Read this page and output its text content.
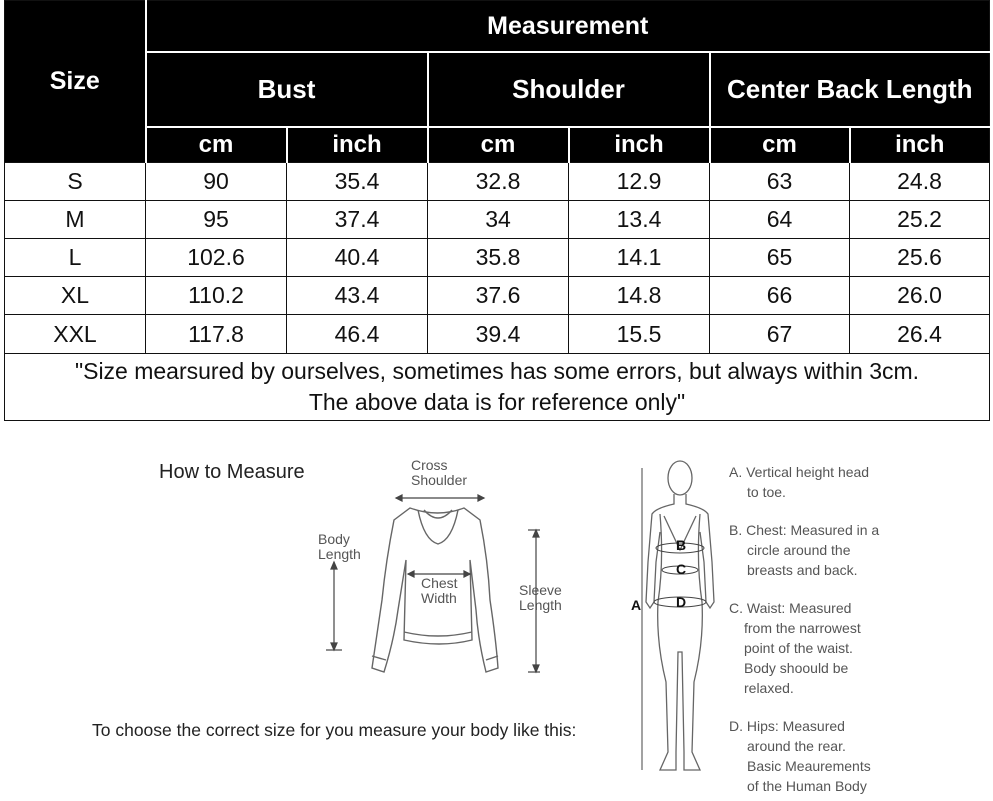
Size	Measurement					
	Bust		Shoulder		Center Back Length	
	cm	inch	cm	inch	cm	inch
S	90	35.4	32.8	12.9	63	24.8
M	95	37.4	34	13.4	64	25.2
L	102.6	40.4	35.8	14.1	65	25.6
XL	110.2	43.4	37.6	14.8	66	26.0
XXL	117.8	46.4	39.4	15.5	67	26.4
"Size mearsured by ourselves, sometimes has some errors, but always within 3cm.
The above data is for reference only"						
How to Measure
To choose the correct size for you measure your body like this:
Cross
Shoulder
Body
Length
Chest
Width	Sleeve
Length
B
C
D
A
A. Vertical height head
to toe.
B. Chest: Measured in a
circle around the
breasts and back.
C. Waist: Measured
from the narrowest
point of the waist.
Body shoould be
relaxed.
D. Hips: Measured
around the rear.
Basic Meaurements
of the Human Body
